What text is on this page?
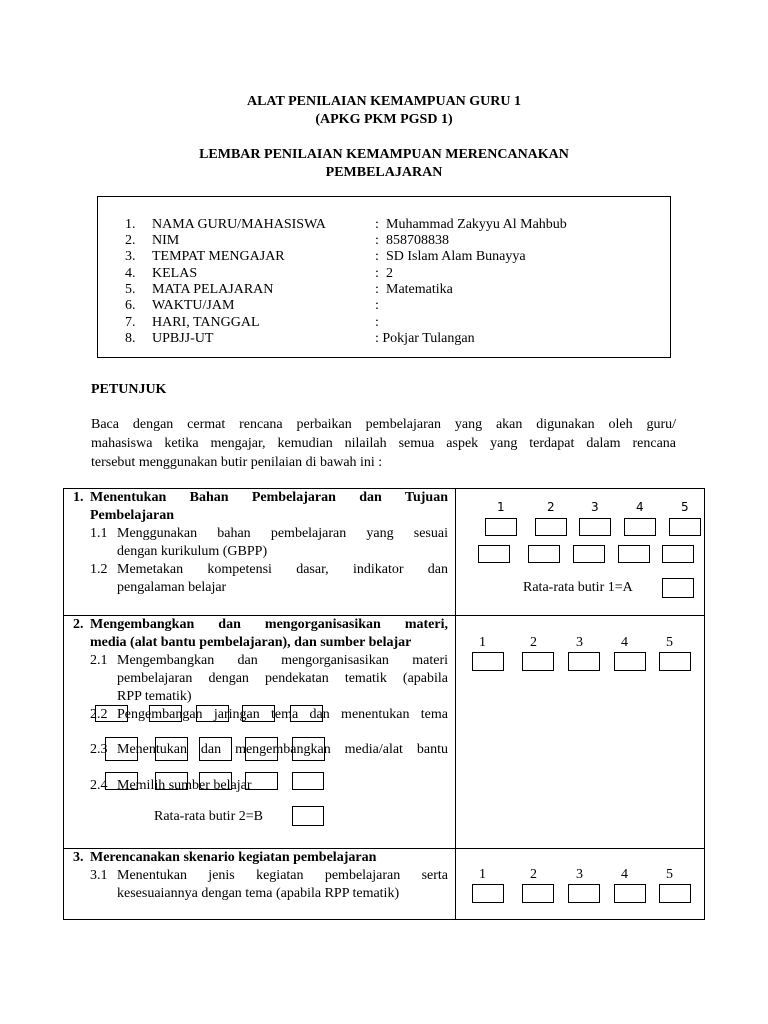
ALAT PENILAIAN KEMAMPUAN GURU 1
(APKG PKM PGSD 1)
LEMBAR PENILAIAN KEMAMPUAN MERENCANAKAN
PEMBELAJARAN
1. NAMA GURU/MAHASISWA	: Muhammad Zakyyu Al Mahbub
2. NIM	: 858708838
3. TEMPAT MENGAJAR	: SD Islam Alam Bunayya
4. KELAS	: 2
5. MATA PELAJARAN	: Matematika
6. WAKTU/JAM	:
7. HARI, TANGGAL	:
8. UPBJJ-UT	: Pokjar Tulangan
PETUNJUK
Baca dengan cermat rencana perbaikan pembelajaran yang akan digunakan oleh guru/
mahasiswa ketika mengajar, kemudian nilailah semua aspek yang terdapat dalam rencana
tersebut menggunakan butir penilaian di bawah ini :
1. Menentukan Bahan Pembelajaran dan Tujuan
Pembelajaran
1.1 Menggunakan bahan pembelajaran yang sesuai
dengan kurikulum (GBPP)
1.2 Memetakan kompetensi dasar, indikator dan
pengalaman belajar
1	2	3	4	5
Rata-rata butir 1=A
2. Mengembangkan dan mengorganisasikan materi,
media (alat bantu pembelajaran), dan sumber belajar
2.1 Mengembangkan dan mengorganisasikan materi
pembelajaran dengan pendekatan tematik (apabila
RPP tematik)
2.2 Pengembangan jaringan tema dan menentukan tema
2.3 Menentukan dan mengembangkan media/alat bantu
2.4 Memilih sumber belajar
Rata-rata butir 2=B
1	2	3	4	5
3. Merencanakan skenario kegiatan pembelajaran
3.1 Menentukan jenis kegiatan pembelajaran serta
kesesuaiannya dengan tema (apabila RPP tematik)
1	2	3	4	5
